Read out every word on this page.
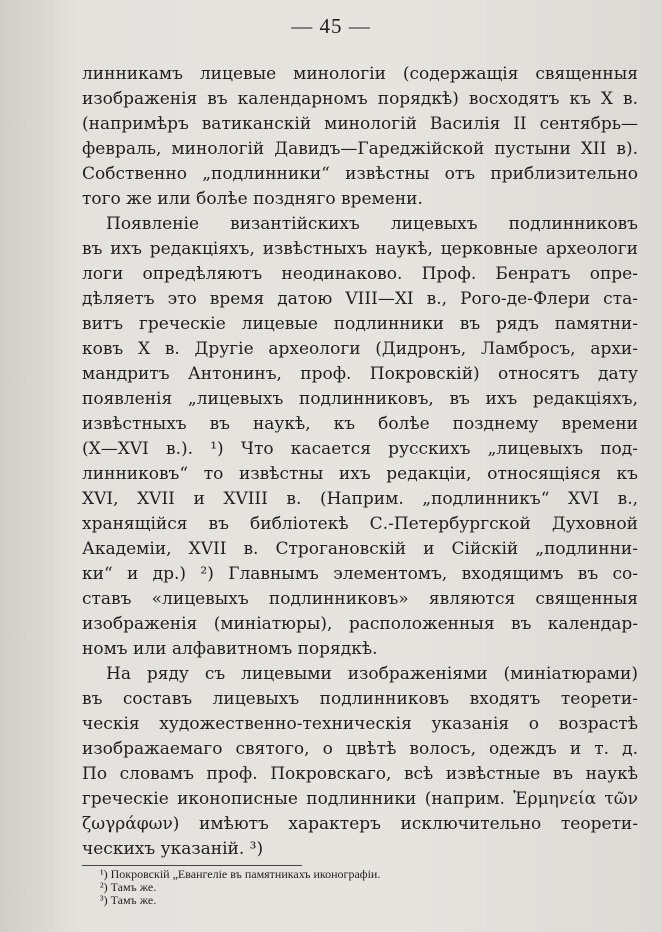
— 45 —
линникамъ лицевые минологіи (содержащія священныя
изображенія въ календарномъ порядкѣ) восходятъ къ X в.
(напримѣръ ватиканскій минологій Василія II сентябрь—
февраль, минологій Давидъ—Гареджійской пустыни XII в).
Собственно „подлинники“ извѣстны отъ приблизительно
того же или болѣе поздняго времени.
Появленіе византійскихъ лицевыхъ подлинниковъ
въ ихъ редакціяхъ, извѣстныхъ наукѣ, церковные археологи
логи опредѣляютъ неодинаково. Проф. Бенратъ опре-
дѣляетъ это время датою VIII—XI в., Рого-де-Флери ста-
витъ греческіе лицевые подлинники въ рядъ памятни-
ковъ X в. Другіе археологи (Дидронъ, Ламбросъ, архи-
мандритъ Антонинъ, проф. Покровскій) относятъ дату
появленія „лицевыхъ подлинниковъ, въ ихъ редакціяхъ,
извѣстныхъ въ наукѣ, къ болѣе позднему времени
(X—XVI в.). ¹) Что касается русскихъ „лицевыхъ под-
линниковъ“ то извѣстны ихъ редакціи, относящіяся къ
XVI, XVII и XVIII в. (Наприм. „подлинникъ“ XVI в.,
хранящійся въ библіотекѣ С.-Петербургской Духовной
Академіи, XVII в. Строгановскій и Сійскій „подлинни-
ки“ и др.) ²) Главнымъ элементомъ, входящимъ въ со-
ставъ «лицевыхъ подлинниковъ» являются священныя
изображенія (миніатюры), расположенныя въ календар-
номъ или алфавитномъ порядкѣ.
На ряду съ лицевыми изображеніями (миніатюрами)
въ составъ лицевыхъ подлинниковъ входятъ теорети-
ческія художественно-техническія указанія о возрастѣ
изображаемаго святого, о цвѣтѣ волосъ, одеждъ и т. д.
По словамъ проф. Покровскаго, всѣ извѣстные въ наукѣ
греческіе иконописные подлинники (наприм. Ἑρμηνεία τῶν
ζωγράφων) имѣютъ характеръ исключительно теорети-
ческихъ указаній. ³)
¹) Покровскій „Евангеліе въ памятникахъ иконографіи.
²) Тамъ же.
³) Тамъ же.
